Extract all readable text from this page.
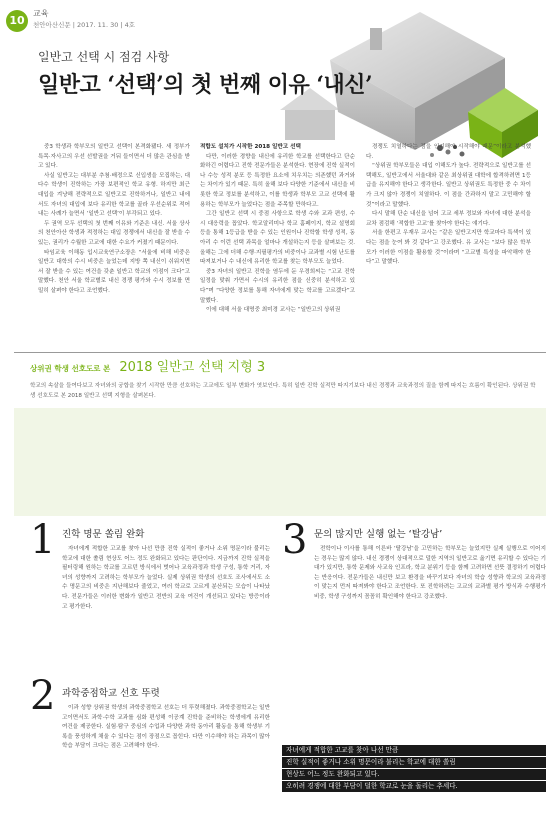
10
교육
천안아산신문 | 2017. 11. 30 | 4호
일반고 선택 시 점검 사항
일반고 ‘선택’의 첫 번째 이유 ‘내신’

중3 학생과 학부모의 일반고 선택이 본격화됐다. 새 정부가 특목·자사고의 우선 선발권을 거둬 들이면서 더 많은 관심을 받고 있다.

사실 일반고는 대부분 추첨·배정으로 신입생을 모집하는, 대다수 학생이 진학하는 가장 보편적인 학교 유형. 하지만 최근 대입을 겨냥해 전략적으로 일반고로 진학하거나, 일반고 내에서도 자녀의 대입에 보다 유리한 학교를 골라 우선순위로 적어 내는 사례가 늘면서 ‘일반고 선택’이 부각되고 있다.

두 권역 모두 선택의 첫 번째 이유와 기준은 내신. 서울 상사의 천안아산 학생과 적정하는 대입 경쟁에서 내신을 잘 받을 수 있는, 권리가 수월한 고교에 대한 수요가 커졌기 때문이다.

타임교육 이해동 입시교육연구소장은 “서울에 비해 비중은 일반고 대학의 수시 비중은 늘었는데 지방 쪽 내신이 쉬워지면서 잘 받을 수 있는 여건을 갖춘 일반고 학교의 이점이 크다”고 말했다. 천안 서울 학교별로 내신 경쟁 평가와 수시 정보를 면밀히 살펴야 한다고 조언했다.

적합도 설치가 시작한 2018 일반고 선택

다만, 이러한 경향을 내신에 유리한 학교를 선택한다고 단순화하긴 어렵다고 진학 전문가들은 분석한다. 현장에 진학 실적이나 수능 성적 분포 등 특정한 요소에 치우치는 의존했던 과거와는 차이가 있기 때문. 특히 올해 보다 다양한 기준에서 내신을 비롯한 학교 정보를 분석하고, 이를 학생과 학부모 고교 선택에 활용하는 학부모가 늘었다는 점을 주목할 만하다고.

그간 일반고 선택 시 중점 사항으로 학생 수와 교과 편성, 수시 대응력을 꼽았다. 학교알리미나 학교 홈페이지, 학교 설명회 등을 통해 1등급을 받을 수 있는 인원이나 진학할 학생 성적, 동아리 수 이런 선택 과목을 얼마나 개설하는지 등을 살펴보는 것. 올해는 그에 더해 수행·지필평가의 비중이나 교과별 시험 난도를 따져보거나 수 내신에 유리한 학교를 찾는 학부모도 늘었다.

중3 자녀의 일반고 진학을 염두에 둔 우경희씨는 “고교 진학 일정을 맞춰 가면서 수시의 유리한 점을 신중히 분석하고 있다”며 “다양한 정보를 통해 자녀에게 맞는 학교를 고르겠다”고 말했다.

이에 대해 서울 대명중 최미경 교사는 “일반고의 상위권

경쟁도 치열하다는 점을 인지해야 시작해야 때문”이라고 분석했다.

“상위권 학부모들은 대입 이해도가 높다. 전략적으로 일반고를 선택해도, 일반고에서 서울대와 같은 최상위권 대학에 합격하려면 1등급을 유지해야 한다고 생각한다. 일반고 상위권도 특정한 중 수 차이가 크지 않아 경쟁이 치열하다. 이 점을 간과하지 말고 고민해야 할 것”이라고 말했다.

다시 말해 단순 내신을 넘어 고교 세부 정보와 자녀에 대한 분석을 교차 점검해 ‘적합한 고교’를 찾아야 한다는 얘기다.

서울 한편고 우재우 교사는 “같은 일반고지만 학교마다 특색이 있다는 점을 눈여 봐 것 같다”고 강조했다. 유 교사는 “보다 많은 학부모가 이러한 이점을 활용할 것”이라며 “고교별 특성을 파악해야 한다”고 말했다.

상위권 학생 선호도로 본 2018 일반고 선택 지형 3
학교의 속살을 들여다보고 자녀와의 궁합을 찾기 시작한 만큼 선호하는 고교에도 일부 변화가 엿보인다. 특히 일반 진학 실적만 따지기보다 내신 경쟁과 교육과정의 질을 함께 따지는 흐름이 확인된다. 상위권 학생 선호도로 본 2018 일반고 선택 지형을 살펴본다.
1 진학 명문 쏠림 완화

자녀에게 적합한 고교를 찾아 나선 만큼 진학 실적이 좋거나 소위 명문이라 불리는 학교에 대한 쏠림 현상도 어느 정도 완화되고 있다는 판단이다. 지금까지 진학 실적을 필터링해 원하는 학교를 고르던 방식에서 벗어나 교육과정과 학생 구성, 통학 거리, 자녀의 성향까지 고려하는 학부모가 늘었다. 실제 상위권 학생의 선호도 조사에서도 소수 명문고의 비중은 지난해보다 줄었고, 여러 학교로 고르게 분산되는 모습이 나타났다. 전문가들은 이러한 변화가 일반고 전반의 교육 여건이 개선되고 있다는 방증이라고 평가한다.

2 과학중점학교 선호 뚜렷

이과 성향 상위권 학생의 과학중점학교 선호는 더 뚜렷해졌다. 과학중점학교는 일반고이면서도 과학·수학 교과를 심화 편성해 이공계 진학을 준비하는 학생에게 유리한 여건을 제공한다. 실험·탐구 중심의 수업과 다양한 과학 동아리 활동을 통해 학생부 기록을 풍성하게 채울 수 있다는 점이 장점으로 꼽힌다. 다만 이수해야 하는 과목이 많아 학습 부담이 크다는 점은 고려해야 한다.

3 문의 많지만 실행 없는 ‘탈강남’

전학이나 이사를 통해 이른바 ‘탈강남’을 고민하는 학부모는 늘었지만 실제 실행으로 이어지는 경우는 많지 않다. 내신 경쟁이 상대적으로 덜한 지역의 일반고로 옮기면 유리할 수 있다는 기대가 있지만, 통학 문제와 사교육 인프라, 학교 분위기 등을 함께 고려하면 선뜻 결정하기 어렵다는 반응이다. 전문가들은 내신만 보고 환경을 바꾸기보다 자녀의 학습 성향과 학교의 교육과정이 맞는지 먼저 따져봐야 한다고 조언한다. 또 진학하려는 고교의 교과별 평가 방식과 수행평가 비중, 학생 구성까지 꼼꼼히 확인해야 한다고 강조했다.

자녀에게 적합한 고교를 찾아 나선 만큼
진학 실적이 좋거나 소위 명문이라 불리는 학교에 대한 쏠림
현상도 어느 정도 완화되고 있다.
오히려 경쟁에 대한 부담이 덜한 학교로 눈을 돌리는 추세다.
